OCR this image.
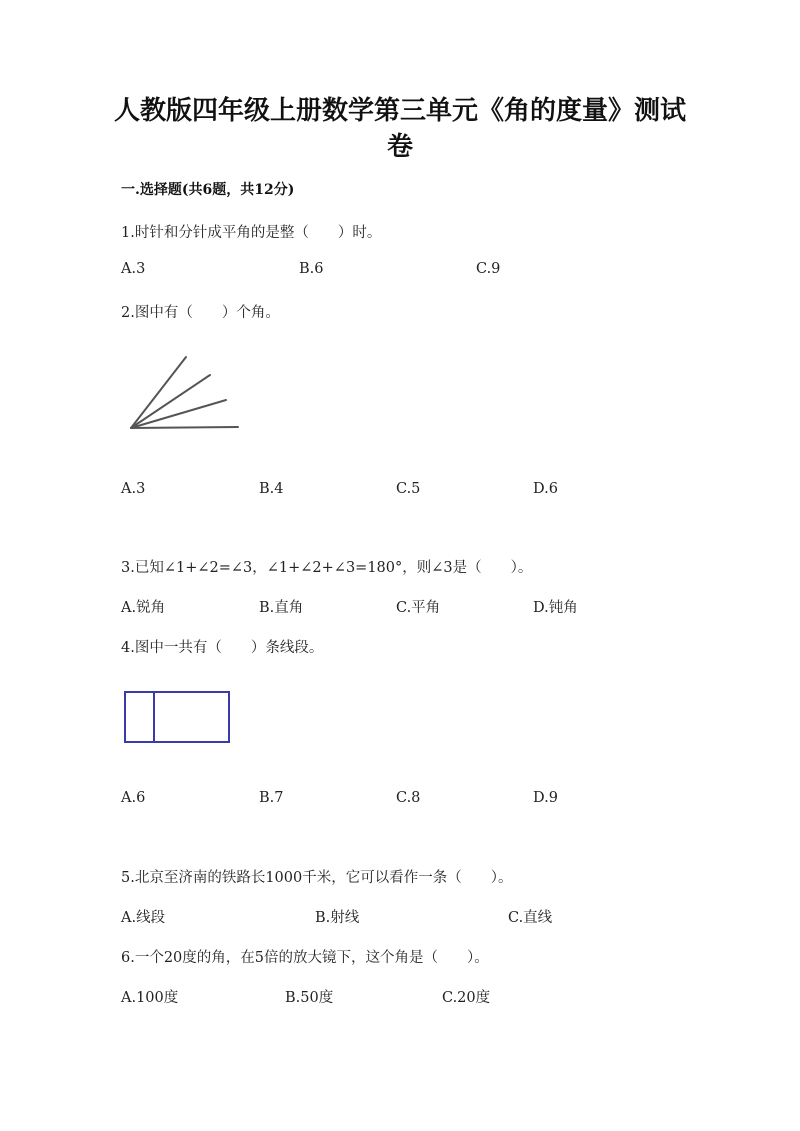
人教版四年级上册数学第三单元《角的度量》测试
卷
一.选择题(共6题，共12分)
1.时针和分针成平角的是整（　　）时。
A.3	B.6	C.9
2.图中有（　　）个角。
A.3	B.4	C.5	D.6
3.已知∠1+∠2=∠3，∠1+∠2+∠3=180°，则∠3是（　　）。
A.锐角	B.直角	C.平角	D.钝角
4.图中一共有（　　）条线段。
A.6	B.7	C.8	D.9
5.北京至济南的铁路长1000千米，它可以看作一条（　　）。
A.线段	B.射线	C.直线
6.一个20度的角，在5倍的放大镜下，这个角是（　　）。
A.100度	B.50度	C.20度
